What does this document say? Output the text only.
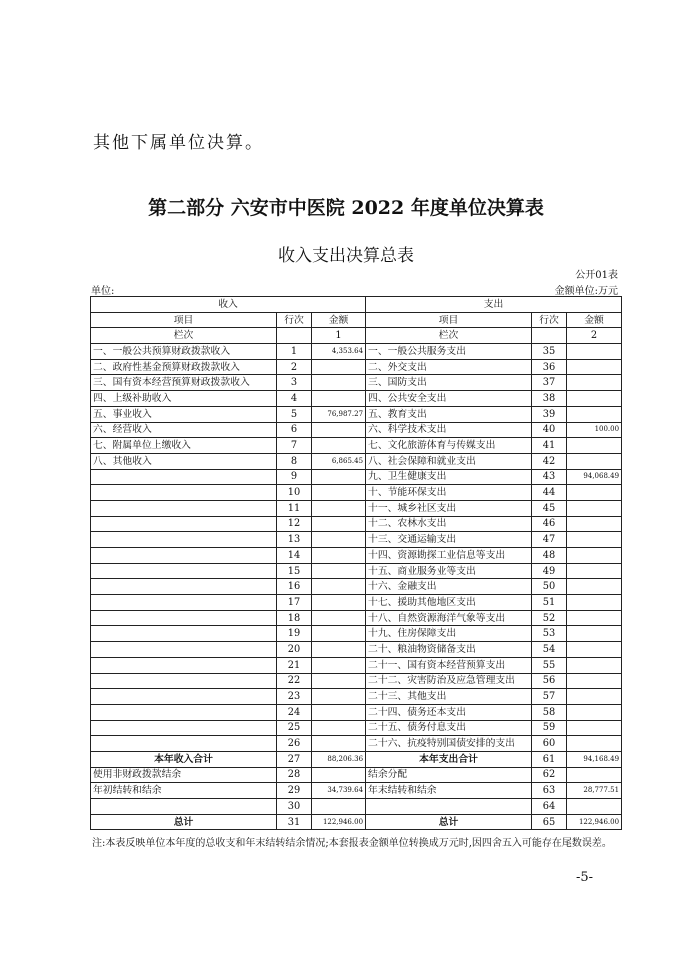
其他下属单位决算。
第二部分 六安市中医院 2022 年度单位决算表
收入支出决算总表
公开01表
单位:	金额单位:万元
收入			支出		
项目	行次	金额	项目	行次	金额
栏次		1	栏次		2
一、一般公共预算财政拨款收入	1	4,353.64	一、一般公共服务支出	35	
二、政府性基金预算财政拨款收入	2		二、外交支出	36	
三、国有资本经营预算财政拨款收入	3		三、国防支出	37	
四、上级补助收入	4		四、公共安全支出	38	
五、事业收入	5	76,987.27	五、教育支出	39	
六、经营收入	6		六、科学技术支出	40	100.00
七、附属单位上缴收入	7		七、文化旅游体育与传媒支出	41	
八、其他收入	8	6,865.45	八、社会保障和就业支出	42	
	9		九、卫生健康支出	43	94,068.49
	10		十、节能环保支出	44	
	11		十一、城乡社区支出	45	
	12		十二、农林水支出	46	
	13		十三、交通运输支出	47	
	14		十四、资源勘探工业信息等支出	48	
	15		十五、商业服务业等支出	49	
	16		十六、金融支出	50	
	17		十七、援助其他地区支出	51	
	18		十八、自然资源海洋气象等支出	52	
	19		十九、住房保障支出	53	
	20		二十、粮油物资储备支出	54	
	21		二十一、国有资本经营预算支出	55	
	22		二十二、灾害防治及应急管理支出	56	
	23		二十三、其他支出	57	
	24		二十四、债务还本支出	58	
	25		二十五、债务付息支出	59	
	26		二十六、抗疫特别国债安排的支出	60	
本年收入合计	27	88,206.36	本年支出合计	61	94,168.49
使用非财政拨款结余	28		结余分配	62	
年初结转和结余	29	34,739.64	年末结转和结余	63	28,777.51
	30			64	
总计	31	122,946.00	总计	65	122,946.00
注:本表反映单位本年度的总收支和年末结转结余情况;本套报表金额单位转换成万元时,因四舍五入可能存在尾数误差。
-5-
